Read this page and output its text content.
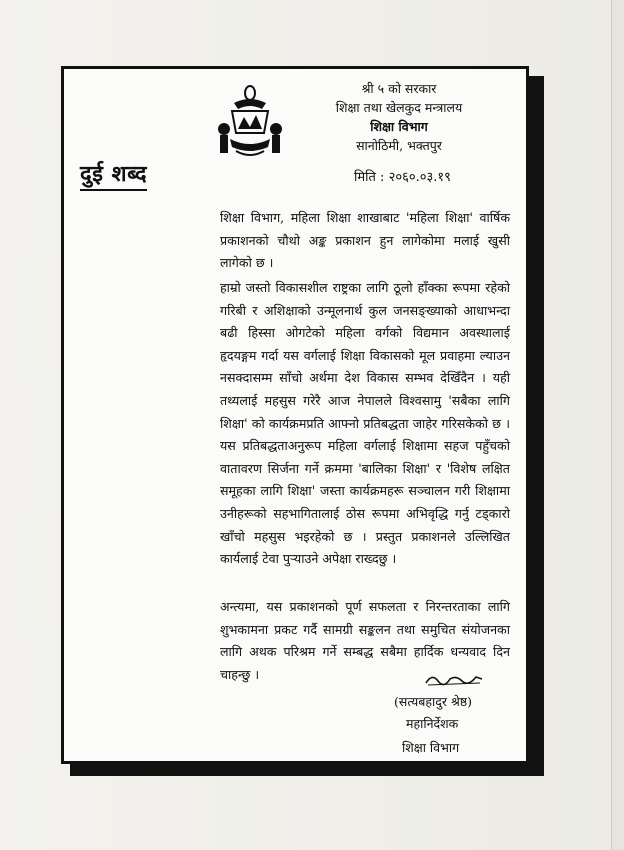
श्री ५ को सरकार
शिक्षा तथा खेलकुद मन्त्रालय
शिक्षा विभाग
सानोठिमी, भक्तपुर
दुई शब्द	मिति : २०६०.०३.१९
शिक्षा विभाग, महिला शिक्षा शाखाबाट 'महिला शिक्षा' वार्षिक प्रकाशनको चौथो अङ्क प्रकाशन हुन लागेकोमा मलाई खुसी लागेको छ ।
हाम्रो जस्तो विकासशील राष्ट्रका लागि ठूलो हाँक्का रूपमा रहेको गरिबी र अशिक्षाको उन्मूलनार्थ कुल जनसङ्ख्याको आधाभन्दा बढी हिस्सा ओगटेको महिला वर्गको विद्यमान अवस्थालाई हृदयङ्गम गर्दा यस वर्गलाई शिक्षा विकासको मूल प्रवाहमा ल्याउन नसक्दासम्म साँचो अर्थमा देश विकास सम्भव देखिँदैन । यही तथ्यलाई महसुस गरेरै आज नेपालले विश्वसामु 'सबैका लागि शिक्षा' को कार्यक्रमप्रति आफ्नो प्रतिबद्धता जाहेर गरिसकेको छ । यस प्रतिबद्धताअनुरूप महिला वर्गलाई शिक्षामा सहज पहुँचको वातावरण सिर्जना गर्ने क्रममा 'बालिका शिक्षा' र 'विशेष लक्षित समूहका लागि शिक्षा' जस्ता कार्यक्रमहरू सञ्चालन गरी शिक्षामा उनीहरूको सहभागितालाई ठोस रूपमा अभिवृद्धि गर्नु टड्कारो खाँचो महसुस भइरहेको छ । प्रस्तुत प्रकाशनले उल्लिखित कार्यलाई टेवा पुऱ्याउने अपेक्षा राख्दछु ।
अन्त्यमा, यस प्रकाशनको पूर्ण सफलता र निरन्तरताका लागि शुभकामना प्रकट गर्दै सामग्री सङ्कलन तथा समुचित संयोजनका लागि अथक परिश्रम गर्ने सम्बद्ध सबैमा हार्दिक धन्यवाद दिन चाहन्छु ।
(सत्यबहादुर श्रेष्ठ)
महानिर्देशक
शिक्षा विभाग
